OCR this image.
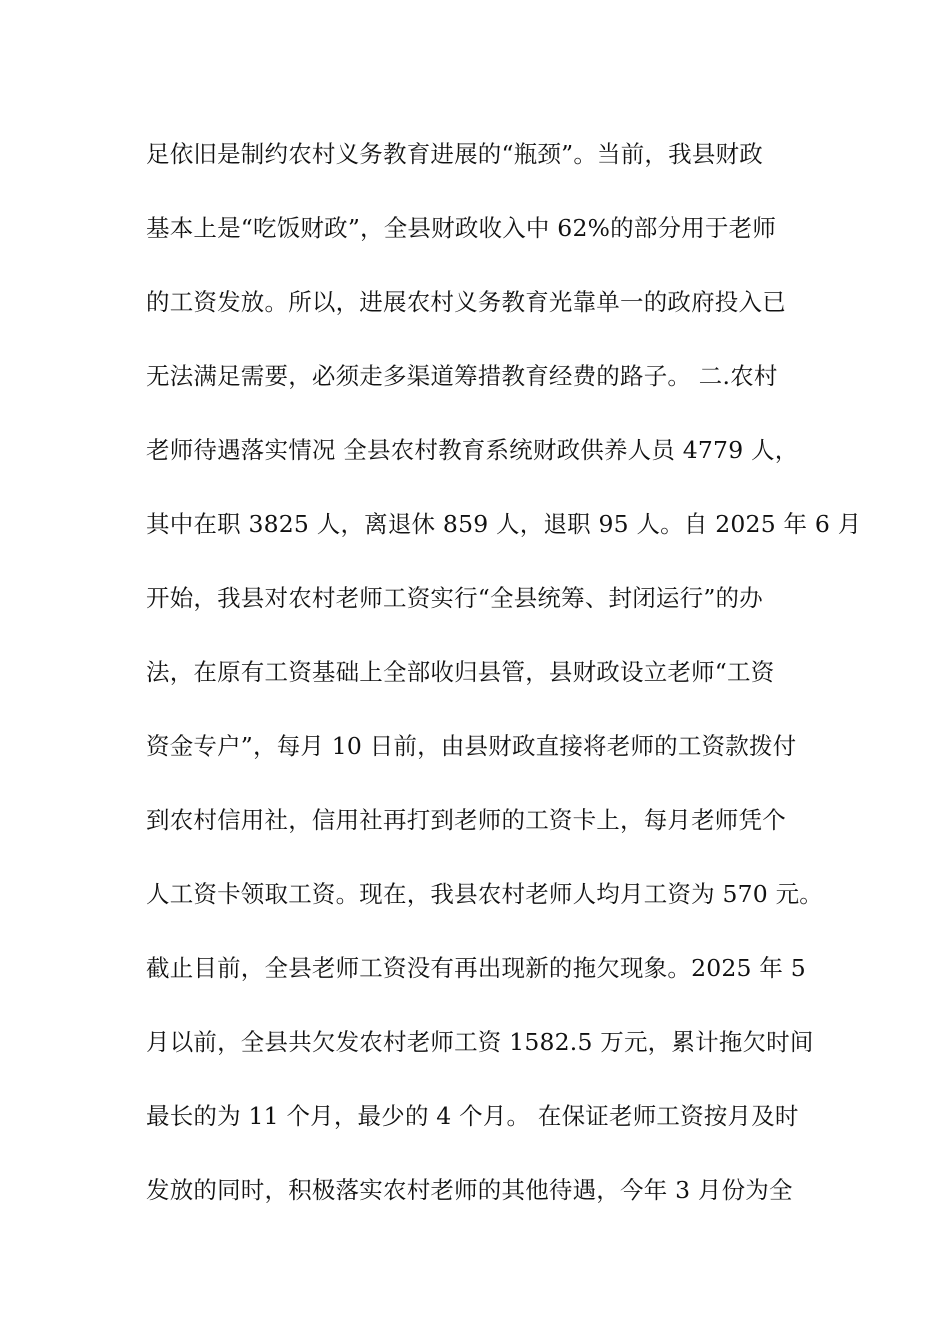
足依旧是制约农村义务教育进展的“瓶颈”。当前，我县财政
基本上是“吃饭财政”，全县财政收入中 62%的部分用于老师
的工资发放。所以，进展农村义务教育光靠单一的政府投入已
无法满足需要，必须走多渠道筹措教育经费的路子。 二.农村
老师待遇落实情况 全县农村教育系统财政供养人员 4779 人，
其中在职 3825 人，离退休 859 人，退职 95 人。自 2025 年 6 月
开始，我县对农村老师工资实行“全县统筹、封闭运行”的办
法，在原有工资基础上全部收归县管，县财政设立老师“工资
资金专户”，每月 10 日前，由县财政直接将老师的工资款拨付
到农村信用社，信用社再打到老师的工资卡上，每月老师凭个
人工资卡领取工资。现在，我县农村老师人均月工资为 570 元。
截止目前，全县老师工资没有再出现新的拖欠现象。2025 年 5
月以前，全县共欠发农村老师工资 1582.5 万元，累计拖欠时间
最长的为 11 个月，最少的 4 个月。 在保证老师工资按月及时
发放的同时，积极落实农村老师的其他待遇，今年 3 月份为全
